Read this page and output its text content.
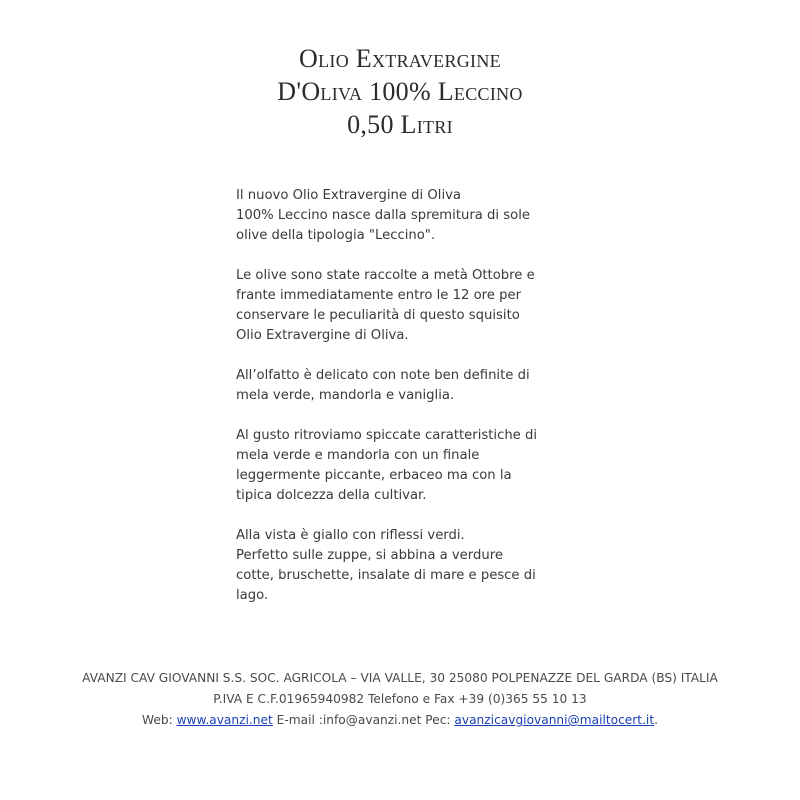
Olio Extravergine
D'Oliva 100% Leccino
0,50 Litri
Il nuovo Olio Extravergine di Oliva
100% Leccino nasce dalla spremitura di sole
olive della tipologia "Leccino".
Le olive sono state raccolte a metà Ottobre e
frante immediatamente entro le 12 ore per
conservare le peculiarità di questo squisito
Olio Extravergine di Oliva.
All’olfatto è delicato con note ben definite di
mela verde, mandorla e vaniglia.
Al gusto ritroviamo spiccate caratteristiche di
mela verde e mandorla con un finale
leggermente piccante, erbaceo ma con la
tipica dolcezza della cultivar.
Alla vista è giallo con riflessi verdi.
Perfetto sulle zuppe, si abbina a verdure
cotte, bruschette, insalate di mare e pesce di
lago.
AVANZI CAV GIOVANNI S.S. SOC. AGRICOLA – VIA VALLE, 30 25080 POLPENAZZE DEL GARDA (BS) ITALIA
P.IVA E C.F.01965940982 Telefono e Fax +39 (0)365 55 10 13
Web: www.avanzi.net E-mail :info@avanzi.net Pec: avanzicavgiovanni@mailtocert.it.
